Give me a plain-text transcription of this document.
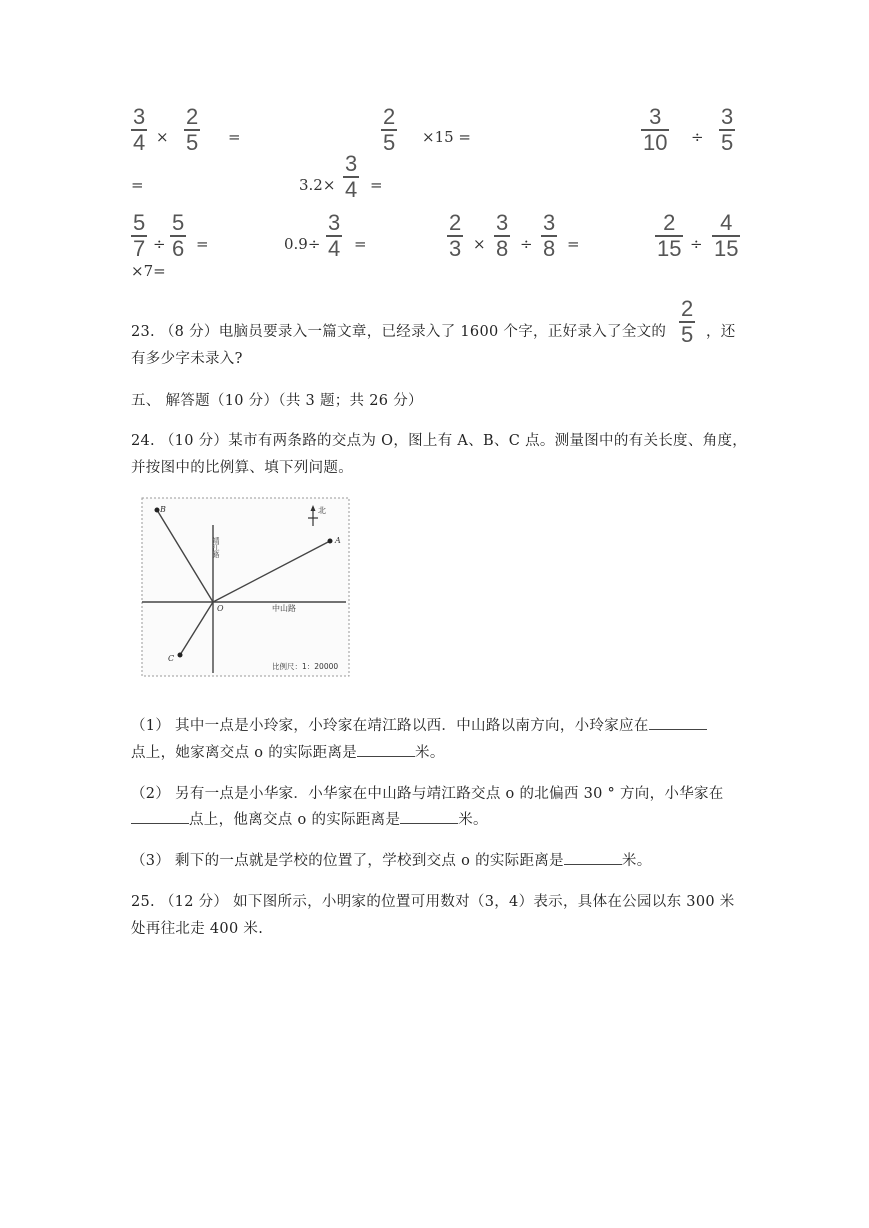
$\frac{3}{4} \times \frac{2}{5}$ =	$\frac{2}{5} \times 15$ =	$\frac{3}{10} \div \frac{3}{5}$
=	$3.2\times \frac{3}{4}$ =
$\frac{5}{7} \div \frac{5}{6}$ =	$0.9\div \frac{3}{4}$ =	$\frac{2}{3} \times \frac{3}{8} \div \frac{3}{8}$ =	$\frac{2}{15} \div \frac{4}{15}$
×7=
23. （8 分）电脑员要录入一篇文章，已经录入了 1600 个字，正好录入了全文的 $\frac{2}{5}$ ，还
有多少字未录入?
五、 解答题（10 分）（共 3 题；共 26 分）
24. （10 分）某市有两条路的交点为 O，图上有 A、B、C 点。测量图中的有关长度、角度，
并按图中的比例算、填下列问题。
B
A
C
O
北
靖江路
中山路
比例尺：1：20000
（1） 其中一点是小玲家，小玲家在靖江路以西．中山路以南方向，小玲家应在
点上，她家离交点 o 的实际距离是	米。
（2） 另有一点是小华家．小华家在中山路与靖江路交点 o 的北偏西 30 ° 方向，小华家在
点上，他离交点 o 的实际距离是	米。
（3） 剩下的一点就是学校的位置了，学校到交点 o 的实际距离是	米。
25. （12 分） 如下图所示，小明家的位置可用数对（3，4）表示，具体在公园以东 300 米
处再往北走 400 米.
